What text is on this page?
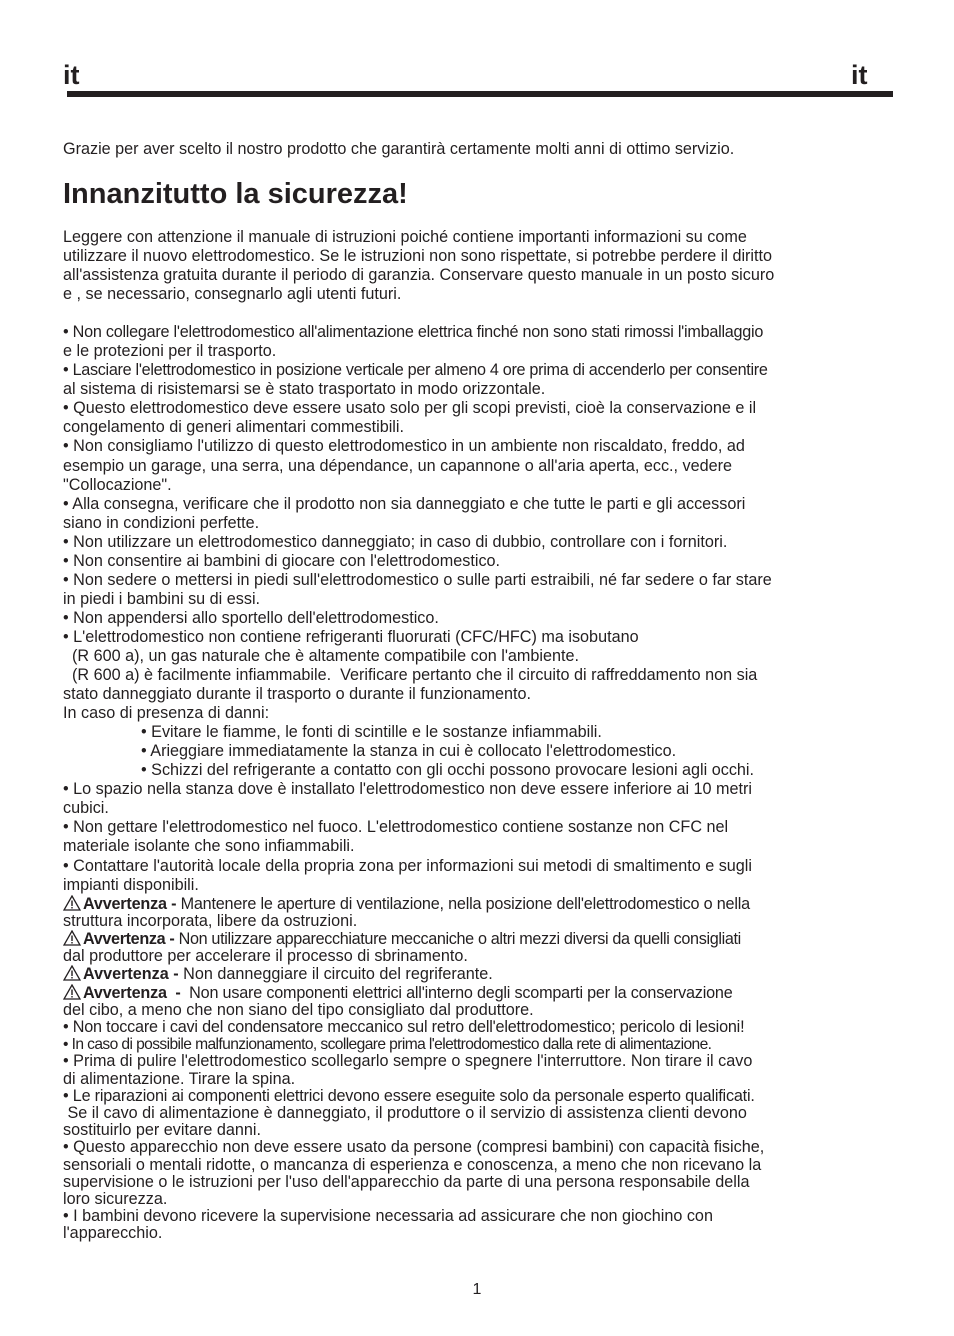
it	it
Grazie per aver scelto il nostro prodotto che garantirà certamente molti anni di ottimo servizio.
Innanzitutto la sicurezza!

Leggere con attenzione il manuale di istruzioni poiché contiene importanti informazioni su come

utilizzare il nuovo elettrodomestico. Se le istruzioni non sono rispettate, si potrebbe perdere il diritto

all'assistenza gratuita durante il periodo di garanzia. Conservare questo manuale in un posto sicuro

e , se necessario, consegnarlo agli utenti futuri.

• Non collegare l'elettrodomestico all'alimentazione elettrica finché non sono stati rimossi l'imballaggio

e le protezioni per il trasporto.

• Lasciare l'elettrodomestico in posizione verticale per almeno 4 ore prima di accenderlo per consentire

al sistema di risistemarsi se è stato trasportato in modo orizzontale.

• Questo elettrodomestico deve essere usato solo per gli scopi previsti, cioè la conservazione e il

congelamento di generi alimentari commestibili.

• Non consigliamo l'utilizzo di questo elettrodomestico in un ambiente non riscaldato, freddo, ad

esempio un garage, una serra, una dépendance, un capannone o all'aria aperta, ecc., vedere

"Collocazione".

• Alla consegna, verificare che il prodotto non sia danneggiato e che tutte le parti e gli accessori

siano in condizioni perfette.

• Non utilizzare un elettrodomestico danneggiato; in caso di dubbio, controllare con i fornitori.

• Non consentire ai bambini di giocare con l'elettrodomestico.

• Non sedere o mettersi in piedi sull'elettrodomestico o sulle parti estraibili, né far sedere o far stare

in piedi i bambini su di essi.

• Non appendersi allo sportello dell'elettrodomestico.

• L'elettrodomestico non contiene refrigeranti fluorurati (CFC/HFC) ma isobutano

(R 600 a), un gas naturale che è altamente compatibile con l'ambiente.

(R 600 a) è facilmente infiammabile.  Verificare pertanto che il circuito di raffreddamento non sia

stato danneggiato durante il trasporto o durante il funzionamento.

In caso di presenza di danni:

• Evitare le fiamme, le fonti di scintille e le sostanze infiammabili.

• Arieggiare immediatamente la stanza in cui è collocato l'elettrodomestico.

• Schizzi del refrigerante a contatto con gli occhi possono provocare lesioni agli occhi.

• Lo spazio nella stanza dove è installato l'elettrodomestico non deve essere inferiore ai 10 metri

cubici.

• Non gettare l'elettrodomestico nel fuoco. L'elettrodomestico contiene sostanze non CFC nel

materiale isolante che sono infiammabili.

• Contattare l'autorità locale della propria zona per informazioni sui metodi di smaltimento e sugli

impianti disponibili.

Avvertenza - Mantenere le aperture di ventilazione, nella posizione dell'elettrodomestico o nella

struttura incorporata, libere da ostruzioni.

Avvertenza - Non utilizzare apparecchiature meccaniche o altri mezzi diversi da quelli consigliati

dal produttore per accelerare il processo di sbrinamento.

Avvertenza - Non danneggiare il circuito del regriferante.

Avvertenza  -  Non usare componenti elettrici all'interno degli scomparti per la conservazione

del cibo, a meno che non siano del tipo consigliato dal produttore.

• Non toccare i cavi del condensatore meccanico sul retro dell'elettrodomestico; pericolo di lesioni!

• In caso di possibile malfunzionamento, scollegare prima l'elettrodomestico dalla rete di alimentazione.

• Prima di pulire l'elettrodomestico scollegarlo sempre o spegnere l'interruttore. Non tirare il cavo

di alimentazione. Tirare la spina.

• Le riparazioni ai componenti elettrici devono essere eseguite solo da personale esperto qualificati.

Se il cavo di alimentazione è danneggiato, il produttore o il servizio di assistenza clienti devono

sostituirlo per evitare danni.

• Questo apparecchio non deve essere usato da persone (compresi bambini) con capacità fisiche,

sensoriali o mentali ridotte, o mancanza di esperienza e conoscenza, a meno che non ricevano la

supervisione o le istruzioni per l'uso dell'apparecchio da parte di una persona responsabile della

loro sicurezza.

• I bambini devono ricevere la supervisione necessaria ad assicurare che non giochino con

l'apparecchio.

1
